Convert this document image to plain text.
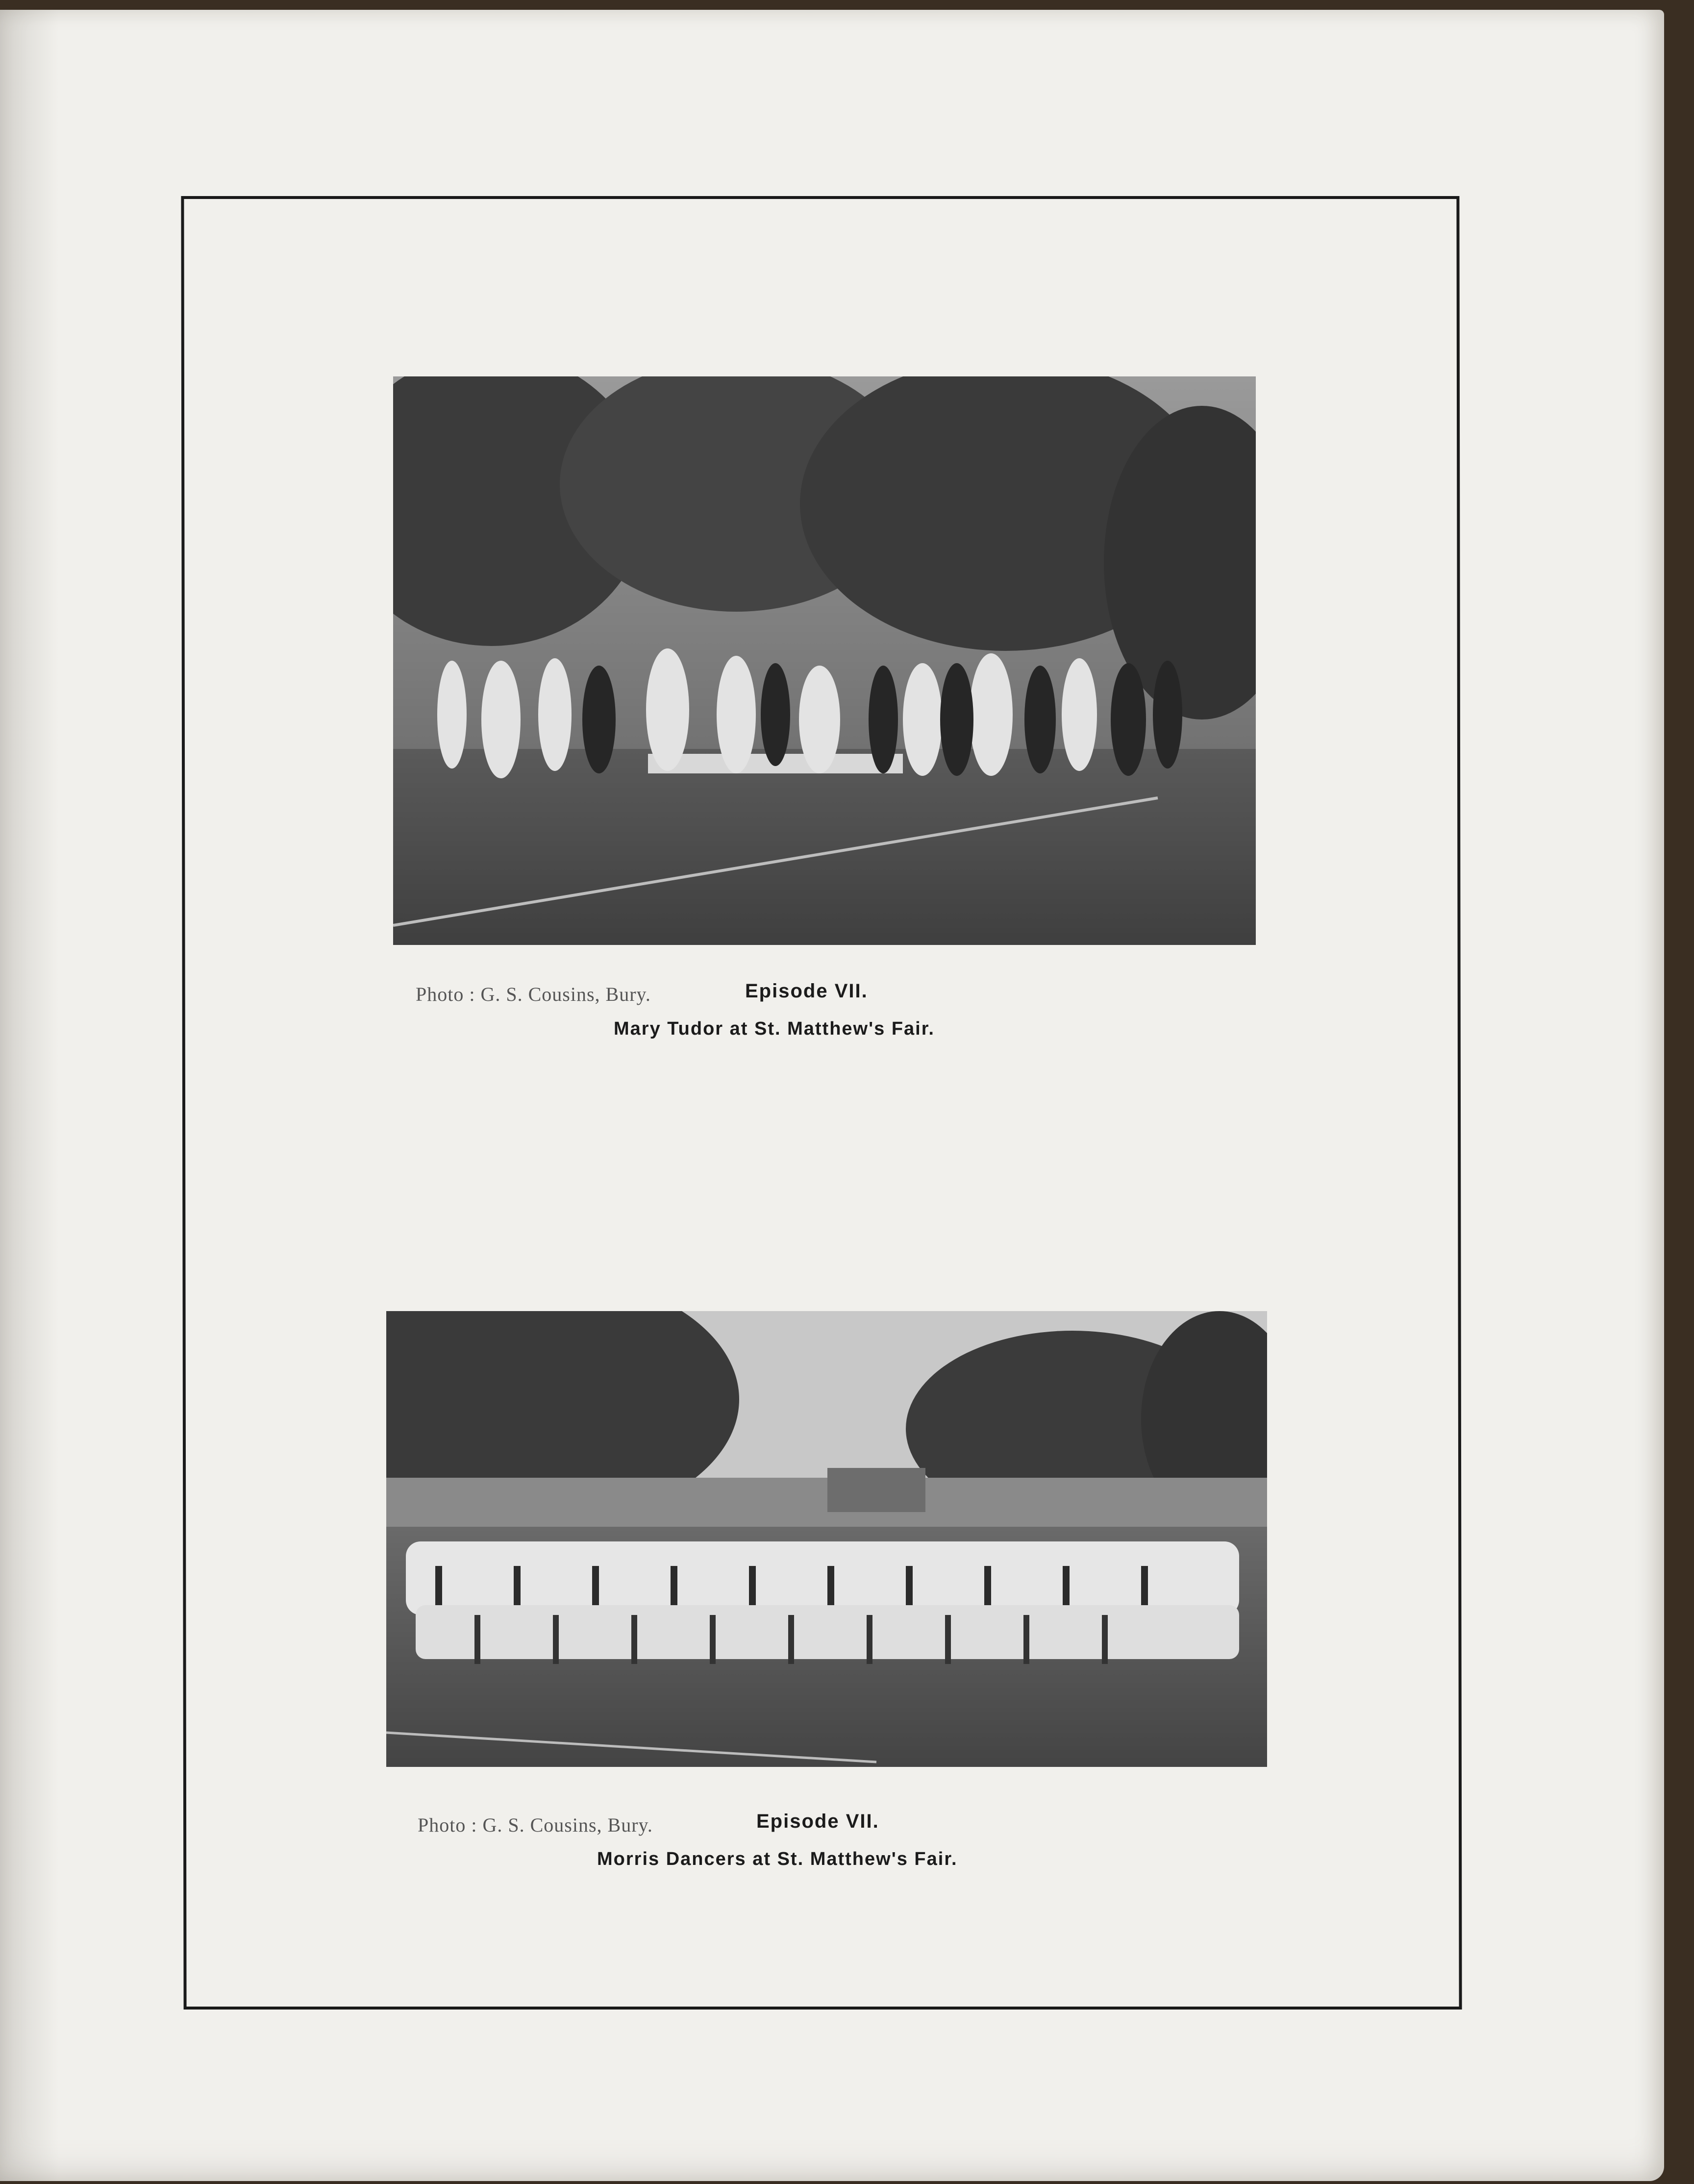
Photo : G. S. Cousins, Bury.	Episode VII.
Mary Tudor at St. Matthew's Fair.
Photo : G. S. Cousins, Bury.	Episode VII.
Morris Dancers at St. Matthew's Fair.
